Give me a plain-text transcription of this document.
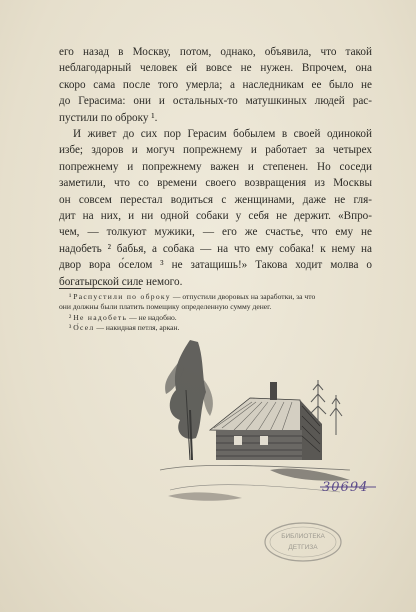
его назад в Москву, потом, однако, объявила, что такой
неблагодарный человек ей вовсе не нужен. Впрочем, она
скоро сама после того умерла; а наследникам ее было не
до Герасима: они и остальных-то матушкиных людей рас-
пустили по оброку ¹.

И живет до сих пор Герасим бобылем в своей одинокой
избе; здоров и могуч попрежнему и работает за четырех
попрежнему и попрежнему важен и степенен. Но соседи
заметили, что со времени своего возвращения из Москвы
он совсем перестал водиться с женщинами, даже не гля-
дит на них, и ни одной собаки у себя не держит. «Впро-
чем, — толкуют мужики, — его же счастье, что ему не
надобеть ² бабья, а собака — на что ему собака! к нему на
двор вора о́селом ³ не затащишь!» Такова ходит молва о
богатырской силе немого.

¹ Распустили по оброку — отпустили дворовых на заработки, за что
они должны были платить помещику определенную сумму денег.

² Не надобеть — не надобно.

³ О́сел — накидная петля, аркан.

30694
БИБЛИОТЕКА
ДЕТГИЗА
